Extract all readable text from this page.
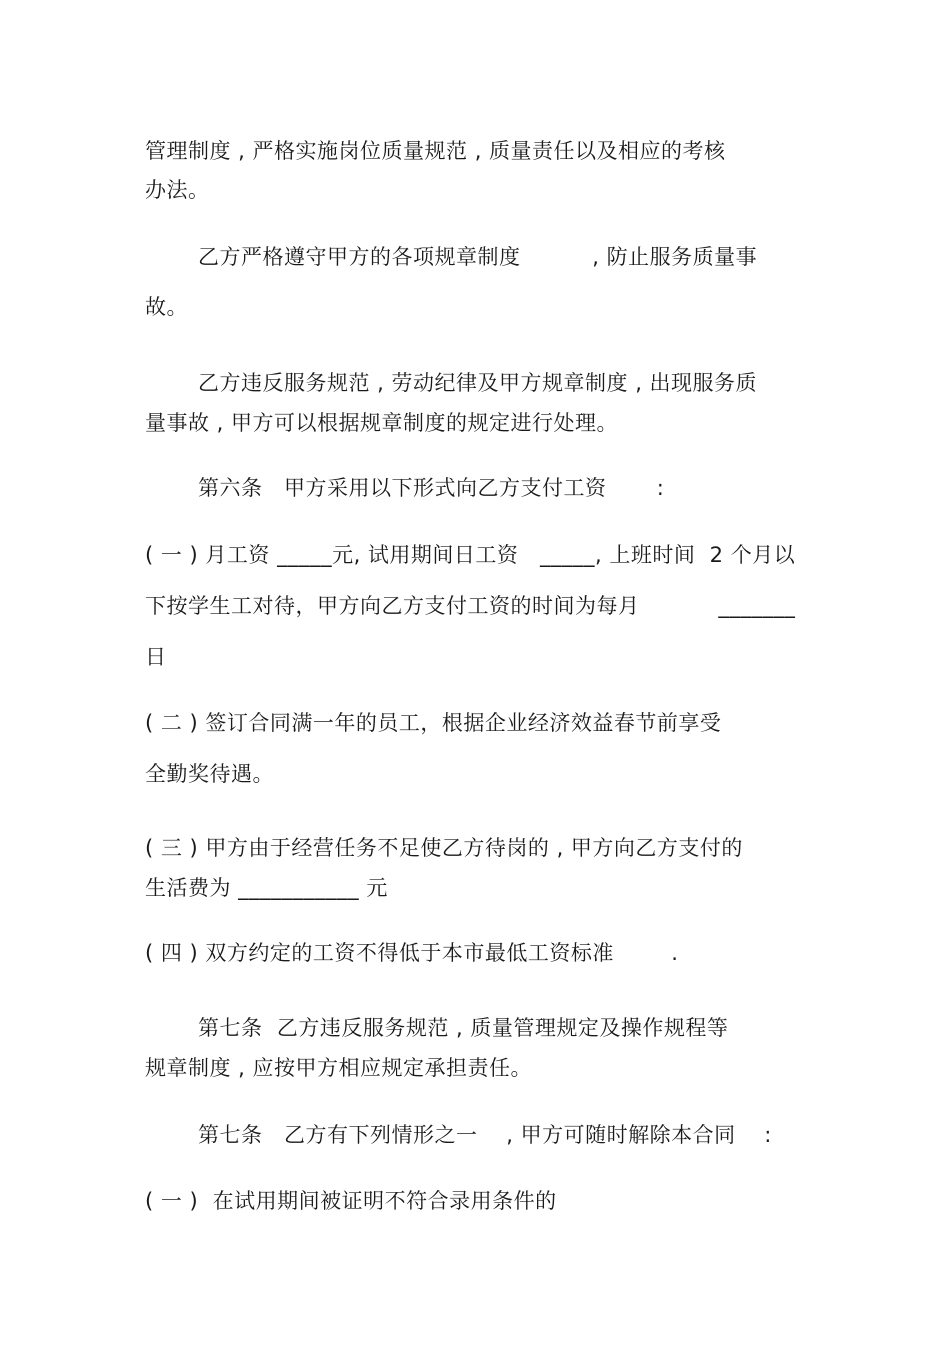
管理制度 , 严格实施岗位质量规范 , 质量责任以及相应的考核
办法。
乙方严格遵守甲方的各项规章制度          , 防止服务质量事
故。
乙方违反服务规范 , 劳动纪律及甲方规章制度 , 出现服务质
量事故 , 甲方可以根据规章制度的规定进行处理。
第六条   甲方采用以下形式向乙方支付工资       :
( 一 ) 月工资 _____元, 试用期间日工资   _____, 上班时间  2 个月以
下按学生工对待，甲方向乙方支付工资的时间为每月           _______
日
( 二 ) 签订合同满一年的员工，根据企业经济效益春节前享受
全勤奖待遇。
( 三 ) 甲方由于经营任务不足使乙方待岗的 , 甲方向乙方支付的
生活费为 ___________ 元
( 四 ) 双方约定的工资不得低于本市最低工资标准        .
第七条  乙方违反服务规范 , 质量管理规定及操作规程等
规章制度 , 应按甲方相应规定承担责任。
第七条   乙方有下列情形之一    , 甲方可随时解除本合同    :
( 一 )  在试用期间被证明不符合录用条件的
